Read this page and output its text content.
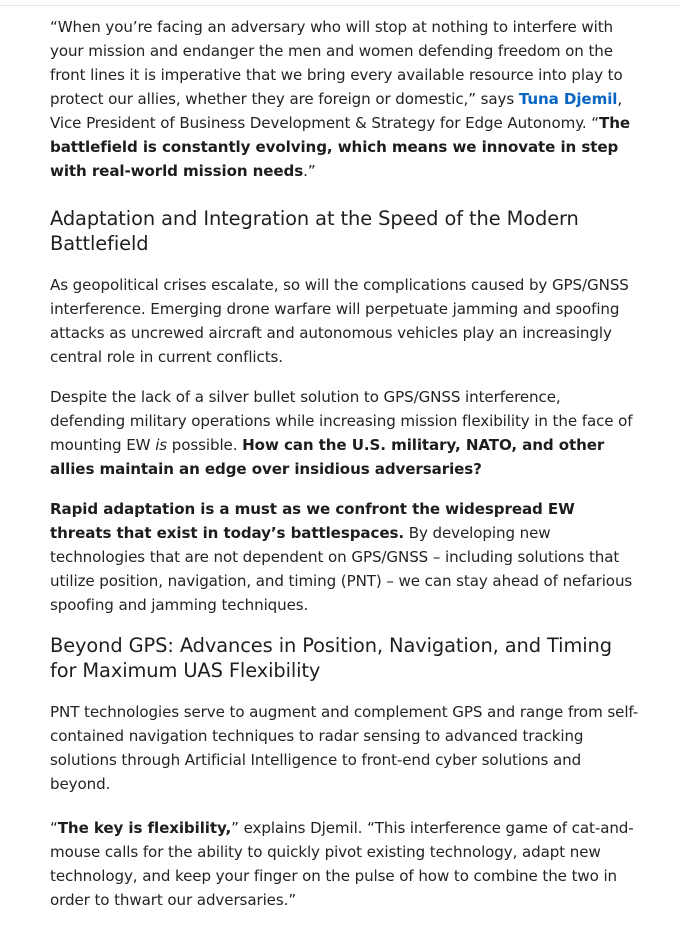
“When you’re facing an adversary who will stop at nothing to interfere with your mission and endanger the men and women defending freedom on the front lines it is imperative that we bring every available resource into play to protect our allies, whether they are foreign or domestic,” says Tuna Djemil, Vice President of Business Development & Strategy for Edge Autonomy. “The battlefield is constantly evolving, which means we innovate in step with real-world mission needs.”

Adaptation and Integration at the Speed of the Modern Battlefield

As geopolitical crises escalate, so will the complications caused by GPS/GNSS interference. Emerging drone warfare will perpetuate jamming and spoofing attacks as uncrewed aircraft and autonomous vehicles play an increasingly central role in current conflicts.

Despite the lack of a silver bullet solution to GPS/GNSS interference, defending military operations while increasing mission flexibility in the face of mounting EW is possible. How can the U.S. military, NATO, and other allies maintain an edge over insidious adversaries?

Rapid adaptation is a must as we confront the widespread EW threats that exist in today’s battlespaces. By developing new technologies that are not dependent on GPS/GNSS – including solutions that utilize position, navigation, and timing (PNT) – we can stay ahead of nefarious spoofing and jamming techniques.

Beyond GPS: Advances in Position, Navigation, and Timing for Maximum UAS Flexibility

PNT technologies serve to augment and complement GPS and range from self-contained navigation techniques to radar sensing to advanced tracking solutions through Artificial Intelligence to front-end cyber solutions and beyond.

“The key is flexibility,” explains Djemil. “This interference game of cat-and-mouse calls for the ability to quickly pivot existing technology, adapt new technology, and keep your finger on the pulse of how to combine the two in order to thwart our adversaries.”
